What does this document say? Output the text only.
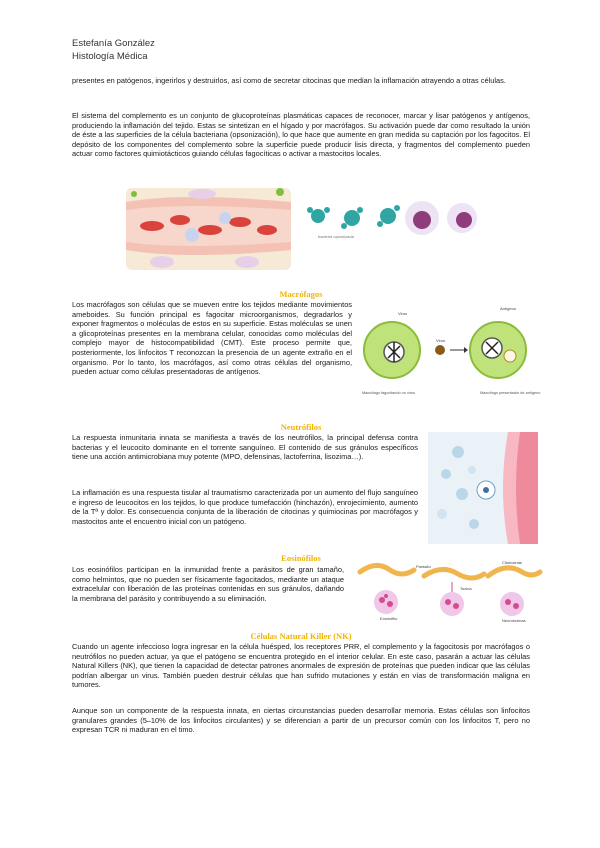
Estefanía González
Histología Médica
presentes en patógenos, ingerirlos y destruirlos, así como de secretar citocinas que median la inflamación atrayendo a otras células.
El sistema del complemento es un conjunto de glucoproteínas plasmáticas capaces de reconocer, marcar y lisar patógenos y antígenos, produciendo la inflamación del tejido. Estas se sintetizan en el hígado y por macrófagos. Su activación puede dar como resultado la unión de éste a las superficies de la célula bacteriana (opsonización), lo que hace que aumente en gran medida su captación por los fagocitos. El depósito de los componentes del complemento sobre la superficie puede producir lisis directa, y fragmentos del complemento pueden actuar como factores quimiotácticos guiando células fagocíticas o activar a mastocitos locales.
bacteria opsonizada
Macrófagos
Los macrófagos son células que se mueven entre los tejidos mediante movimientos ameboides. Su función principal es fagocitar microorganismos, degradarlos y exponer fragmentos o moléculas de estos en su superficie. Estas moléculas se unen a glicoproteínas presentes en la membrana celular, conocidas como moléculas del complejo mayor de histocompatibilidad (CMT). Este proceso permite que, posteriormente, los linfocitos T reconozcan la presencia de un agente extraño en el organismo. Por lo tanto, los macrófagos, así como otras células del organismo, pueden actuar como células presentadoras de antígenos.
Virus
Macrófago fagocitando un virus
Virus
Antígeno
Macrófago presentador de antígeno
Neutrófilos
La respuesta inmunitaria innata se manifiesta a través de los neutrófilos, la principal defensa contra bacterias y el leucocito dominante en el torrente sanguíneo. El contenido de sus gránulos específicos tiene una acción antimicrobiana muy potente (MPO, defensinas, lactoferrina, lisozima…).
La inflamación es una respuesta tisular al traumatismo caracterizada por un aumento del flujo sanguíneo e ingreso de leucocitos en los tejidos, lo que produce tumefacción (hinchazón), enrojecimiento, aumento de la Tª y dolor. Es consecuencia conjunta de la liberación de citocinas y quimiocinas por macrófagos y mastocitos ante el encuentro inicial con un patógeno.
Eosinófilos
Los eosinófilos participan en la inmunidad frente a parásitos de gran tamaño, como helmintos, que no pueden ser físicamente fagocitados, mediante un ataque extracelular con liberación de las proteínas contenidas en sus gránulos, dañando la membrana del parásito y contribuyendo a su eliminación.
Parásito
Eosinófilo
Toxina
Citotoxinas
Neurotoxinas
Células Natural Killer (NK)
Cuando un agente infeccioso logra ingresar en la célula huésped, los receptores PRR, el complemento y la fagocitosis por macrófagos o neutrófilos no pueden actuar, ya que el patógeno se encuentra protegido en el interior celular. En este caso, pasarán a actuar las células Natural Killers (NK), que tienen la capacidad de detectar patrones anormales de expresión de proteínas que pueden indicar que las células podrían albergar un virus. También pueden destruir células que han sufrido mutaciones y están en vías de transformación maligna en tumores.
Aunque son un componente de la respuesta innata, en ciertas circunstancias pueden desarrollar memoria. Estas células son linfocitos granulares grandes (5–10% de los linfocitos circulantes) y se diferencian a partir de un precursor común con los linfocitos T, pero no expresan TCR ni maduran en el timo.
